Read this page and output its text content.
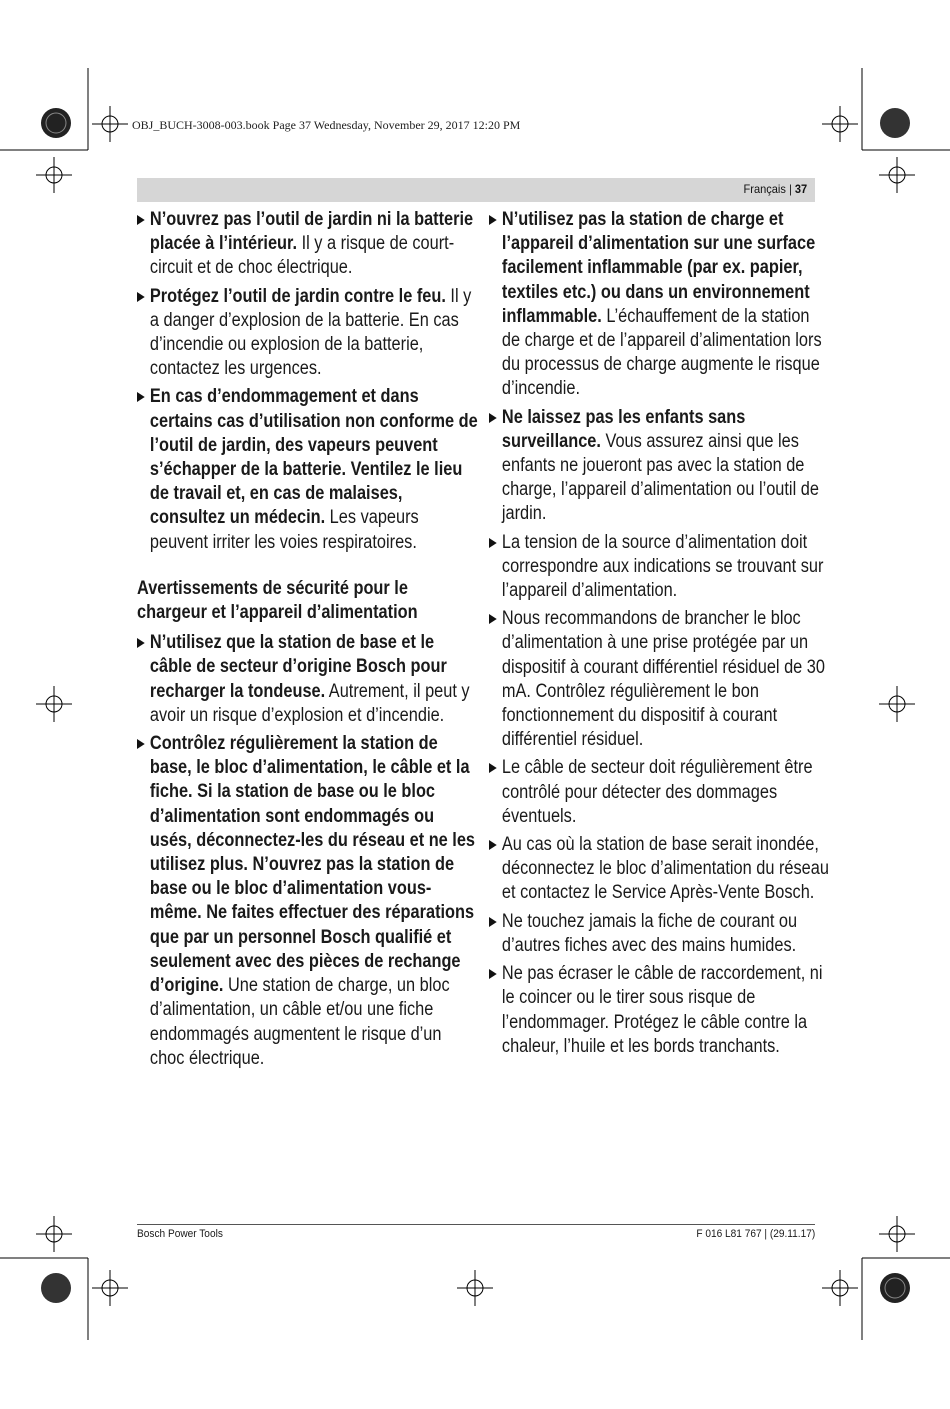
OBJ_BUCH-3008-003.book Page 37 Wednesday, November 29, 2017 12:20 PM
Français | 37
N’ouvrez pas l’outil de jardin ni la batterie placée à l’intérieur. Il y a risque de court-circuit et de choc électrique.
Protégez l’outil de jardin contre le feu. Il y a danger d’explosion de la batterie. En cas d’incendie ou explosion de la batterie, contactez les urgences.
En cas d’endommagement et dans certains cas d’utilisation non conforme de l’outil de jardin, des vapeurs peuvent s’échapper de la batterie. Ventilez le lieu de travail et, en cas de malaises, consultez un médecin. Les vapeurs peuvent irriter les voies respiratoires.
Avertissements de sécurité pour le chargeur et l’appareil d’alimentation
N’utilisez que la station de base et le câble de secteur d’origine Bosch pour recharger la tondeuse. Autrement, il peut y avoir un risque d’explosion et d’incendie.
Contrôlez régulièrement la station de base, le bloc d’alimentation, le câble et la fiche. Si la station de base ou le bloc d’alimentation sont endommagés ou usés, déconnectez-les du réseau et ne les utilisez plus. N’ouvrez pas la station de base ou le bloc d’alimentation vous-même. Ne faites effectuer des réparations que par un personnel Bosch qualifié et seulement avec des pièces de rechange d’origine. Une station de charge, un bloc d’alimentation, un câble et/ou une fiche endommagés augmentent le risque d’un choc électrique.
N’utilisez pas la station de charge et l’appareil d’alimentation sur une surface facilement inflammable (par ex. papier, textiles etc.) ou dans un environnement inflammable. L’échauffement de la station de charge et de l’appareil d’alimentation lors du processus de charge augmente le risque d’incendie.
Ne laissez pas les enfants sans surveillance. Vous assurez ainsi que les enfants ne joueront pas avec la station de charge, l’appareil d’alimentation ou l’outil de jardin.
La tension de la source d’alimentation doit correspondre aux indications se trouvant sur l’appareil d’alimentation.
Nous recommandons de brancher le bloc d’alimentation à une prise protégée par un dispositif à courant différentiel résiduel de 30 mA. Contrôlez régulièrement le bon fonctionnement du dispositif à courant différentiel résiduel.
Le câble de secteur doit régulièrement être contrôlé pour détecter des dommages éventuels.
Au cas où la station de base serait inondée, déconnectez le bloc d’alimentation du réseau et contactez le Service Après-Vente Bosch.
Ne touchez jamais la fiche de courant ou d’autres fiches avec des mains humides.
Ne pas écraser le câble de raccordement, ni le coincer ou le tirer sous risque de l’endommager. Protégez le câble contre la chaleur, l’huile et les bords tranchants.
Bosch Power Tools	F 016 L81 767 | (29.11.17)
